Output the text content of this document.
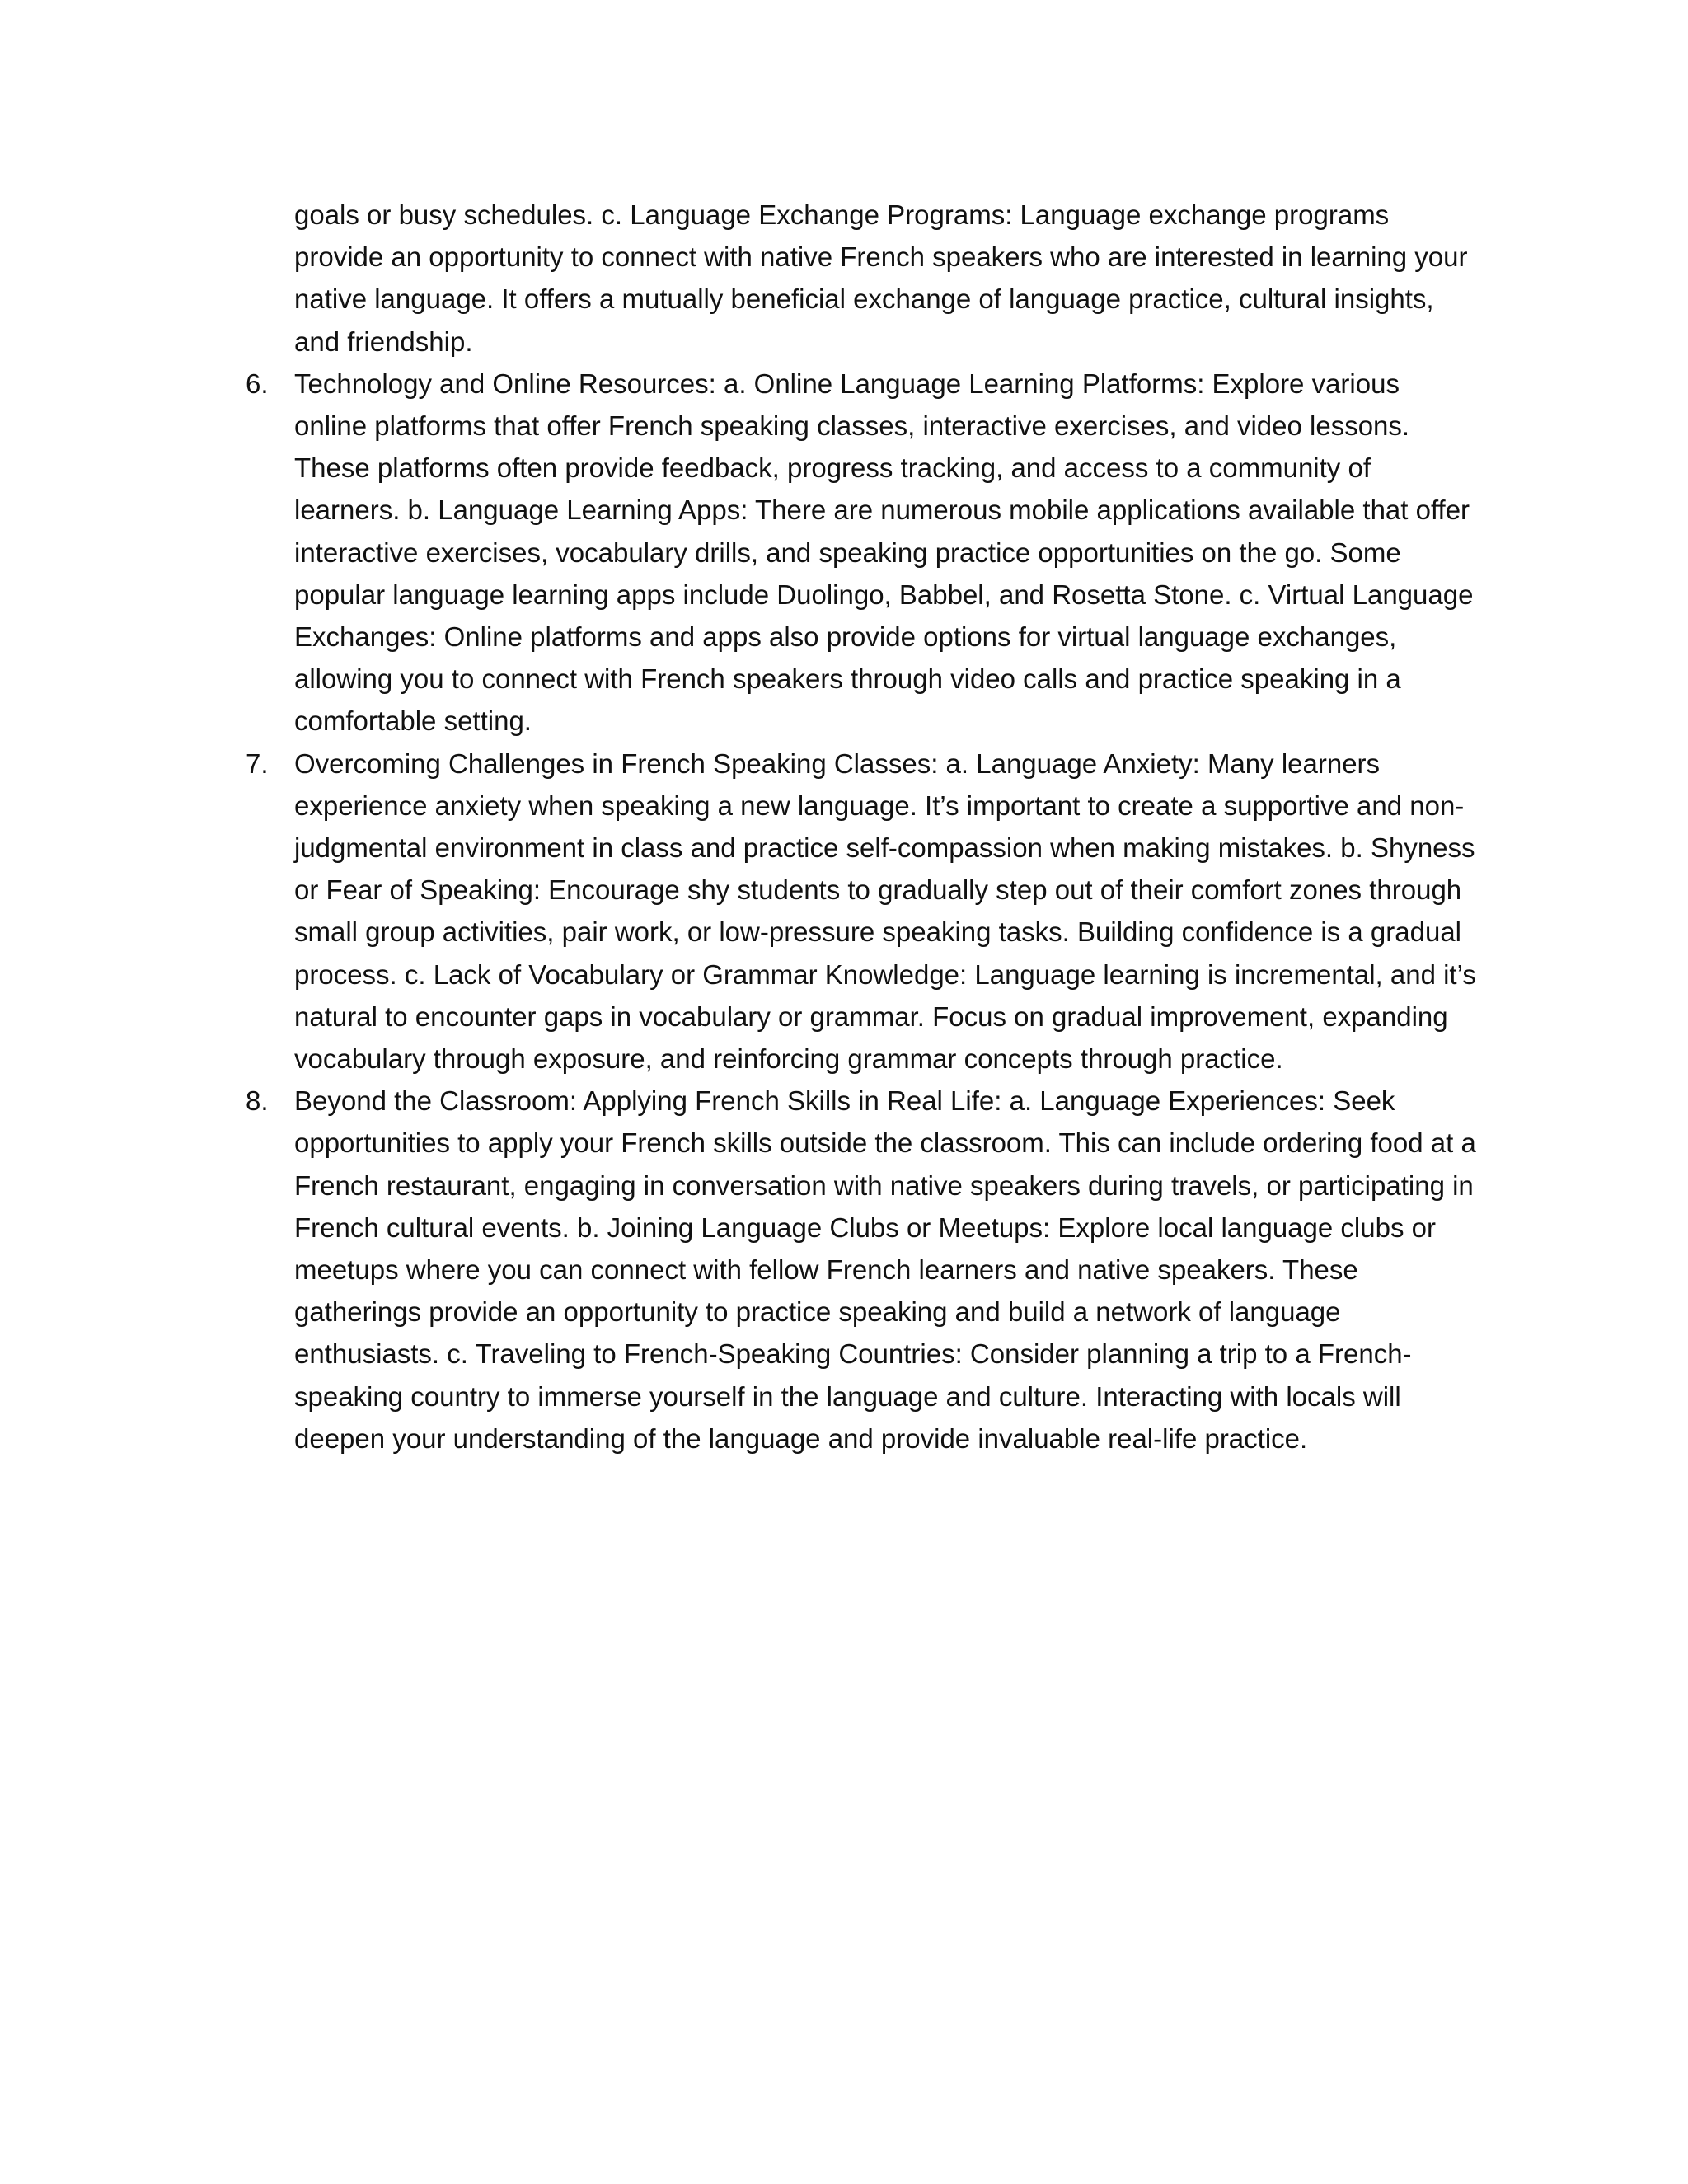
goals or busy schedules. c. Language Exchange Programs: Language exchange programs provide an opportunity to connect with native French speakers who are interested in learning your native language. It offers a mutually beneficial exchange of language practice, cultural insights, and friendship.
6. Technology and Online Resources: a. Online Language Learning Platforms: Explore various online platforms that offer French speaking classes, interactive exercises, and video lessons. These platforms often provide feedback, progress tracking, and access to a community of learners. b. Language Learning Apps: There are numerous mobile applications available that offer interactive exercises, vocabulary drills, and speaking practice opportunities on the go. Some popular language learning apps include Duolingo, Babbel, and Rosetta Stone. c. Virtual Language Exchanges: Online platforms and apps also provide options for virtual language exchanges, allowing you to connect with French speakers through video calls and practice speaking in a comfortable setting.
7. Overcoming Challenges in French Speaking Classes: a. Language Anxiety: Many learners experience anxiety when speaking a new language. It’s important to create a supportive and non-judgmental environment in class and practice self-compassion when making mistakes. b. Shyness or Fear of Speaking: Encourage shy students to gradually step out of their comfort zones through small group activities, pair work, or low-pressure speaking tasks. Building confidence is a gradual process. c. Lack of Vocabulary or Grammar Knowledge: Language learning is incremental, and it’s natural to encounter gaps in vocabulary or grammar. Focus on gradual improvement, expanding vocabulary through exposure, and reinforcing grammar concepts through practice.
8. Beyond the Classroom: Applying French Skills in Real Life: a. Language Experiences: Seek opportunities to apply your French skills outside the classroom. This can include ordering food at a French restaurant, engaging in conversation with native speakers during travels, or participating in French cultural events. b. Joining Language Clubs or Meetups: Explore local language clubs or meetups where you can connect with fellow French learners and native speakers. These gatherings provide an opportunity to practice speaking and build a network of language enthusiasts. c. Traveling to French-Speaking Countries: Consider planning a trip to a French-speaking country to immerse yourself in the language and culture. Interacting with locals will deepen your understanding of the language and provide invaluable real-life practice.
